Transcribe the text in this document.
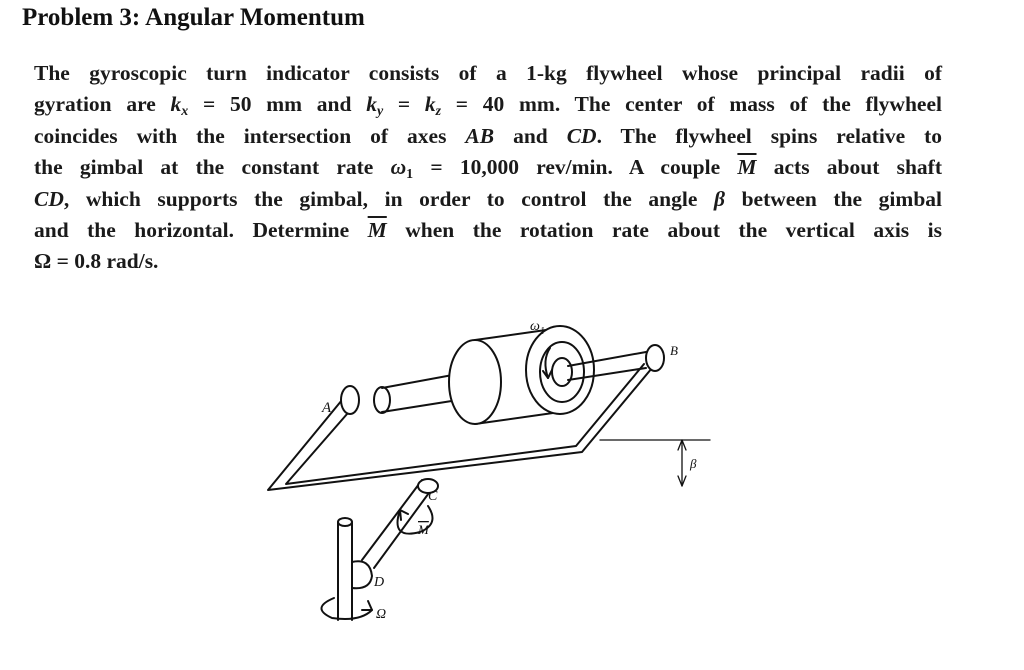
Problem 3: Angular Momentum
The gyroscopic turn indicator consists of a 1-kg flywheel whose principal radii of
gyration are $k_x = 50$ mm and $k_y = k_z = 40$ mm. The center of mass of the flywheel
coincides with the intersection of axes AB and CD. The flywheel spins relative to
the gimbal at the constant rate $\omega_1 = 10,000$ rev/min. A couple $\overline{M}$ acts about shaft
CD, which supports the gimbal, in order to control the angle β between the gimbal
and the horizontal. Determine $\overline{M}$ when the rotation rate about the vertical axis is
Ω = 0.8 rad/s.
$\omega_1$
A
B
C
D
M
β
Ω
